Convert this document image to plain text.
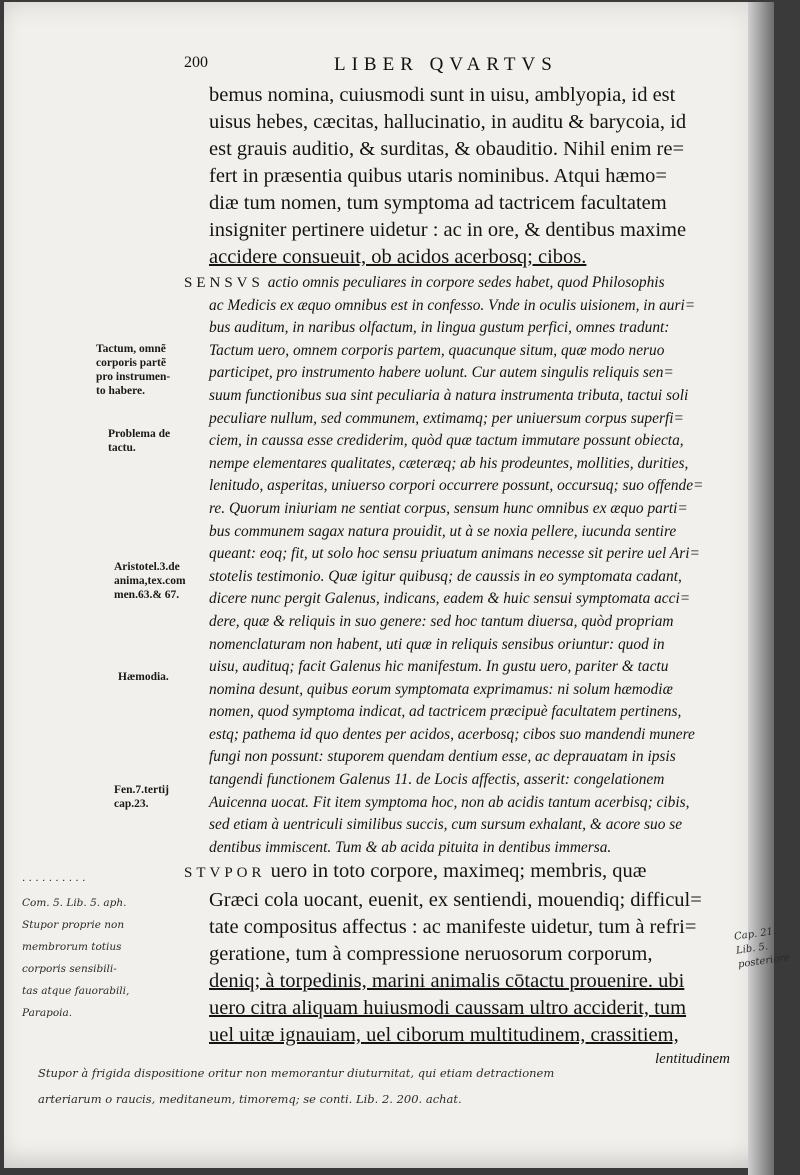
200	LIBER QVARTVS
bemus nomina, cuiusmodi sunt in uisu, amblyopia, id est
uisus hebes, cæcitas, hallucinatio, in auditu & barycoia, id
est grauis auditio, & surditas, & obauditio. Nihil enim re=
fert in præsentia quibus utaris nominibus. Atqui hæmo=
diæ tum nomen, tum symptoma ad tactricem facultatem
insigniter pertinere uidetur : ac in ore, & dentibus maxime
accidere consueuit, ob acidos acerbosq; cibos.
SENSVS actio omnis peculiares in corpore sedes habet, quod Philosophis
ac Medicis ex æquo omnibus est in confesso. Vnde in oculis uisionem, in auri=
bus auditum, in naribus olfactum, in lingua gustum perfici, omnes tradunt:
Tactum uero, omnem corporis partem, quacunque situm, quæ modo neruo
participet, pro instrumento habere uolunt. Cur autem singulis reliquis sen=
suum functionibus sua sint peculiaria à natura instrumenta tributa, tactui soli
peculiare nullum, sed communem, extimamq; per uniuersum corpus superfi=
ciem, in caussa esse crediderim, quòd quæ tactum immutare possunt obiecta,
nempe elementares qualitates, cæteræq; ab his prodeuntes, mollities, durities,
lenitudo, asperitas, uniuerso corpori occurrere possunt, occursuq; suo offende=
re. Quorum iniuriam ne sentiat corpus, sensum hunc omnibus ex æquo parti=
bus communem sagax natura prouidit, ut à se noxia pellere, iucunda sentire
queant: eoq; fit, ut solo hoc sensu priuatum animans necesse sit perire uel Ari=
stotelis testimonio. Quæ igitur quibusq; de caussis in eo symptomata cadant,
dicere nunc pergit Galenus, indicans, eadem & huic sensui symptomata acci=
dere, quæ & reliquis in suo genere: sed hoc tantum diuersa, quòd propriam
nomenclaturam non habent, uti quæ in reliquis sensibus oriuntur: quod in
uisu, audituq; facit Galenus hic manifestum. In gustu uero, pariter & tactu
nomina desunt, quibus eorum symptomata exprimamus: ni solum hæmodiæ
nomen, quod symptoma indicat, ad tactricem præcipuè facultatem pertinens,
estq; pathema id quo dentes per acidos, acerbosq; cibos suo mandendi munere
fungi non possunt: stuporem quendam dentium esse, ac deprauatam in ipsis
tangendi functionem Galenus 11. de Locis affectis, asserit: congelationem
Auicenna uocat. Fit item symptoma hoc, non ab acidis tantum acerbisq; cibis,
sed etiam à uentriculi similibus succis, cum sursum exhalant, & acore suo se
dentibus immiscent. Tum & ab acida pituita in dentibus immersa.
STVPOR uero in toto corpore, maximeq; membris, quæ
Græci cola uocant, euenit, ex sentiendi, mouendiq; difficul=
tate compositus affectus : ac manifeste uidetur, tum à refri=
geratione, tum à compressione neruosorum corporum,
deniq; à torpedinis, marini animalis cōtactu prouenire. ubi
uero citra aliquam huiusmodi caussam ultro acciderit, tum
uel uitæ ignauiam, uel ciborum multitudinem, crassitiem,
lentitudinem
Tactum, omnẽ
corporis partẽ
pro instrumen-
to habere.
Problema de
tactu.
Aristotel.3.de
anima,tex.com
men.63.& 67.
Hæmodia.
Fen.7.tertij
cap.23.
· · · · · · · · · ·
Com. 5. Lib. 5. aph.
Stupor proprie non
membrorum totius
corporis sensibili-
tas atque fauorabili,
Parapoia.
Cap. 21.
Lib. 5.
posteriore
Stupor à frigida dispositione oritur non memorantur diuturnitat, qui etiam detractionem
arteriarum o raucis, meditaneum, timoremq; se conti. Lib. 2. 200. achat.
